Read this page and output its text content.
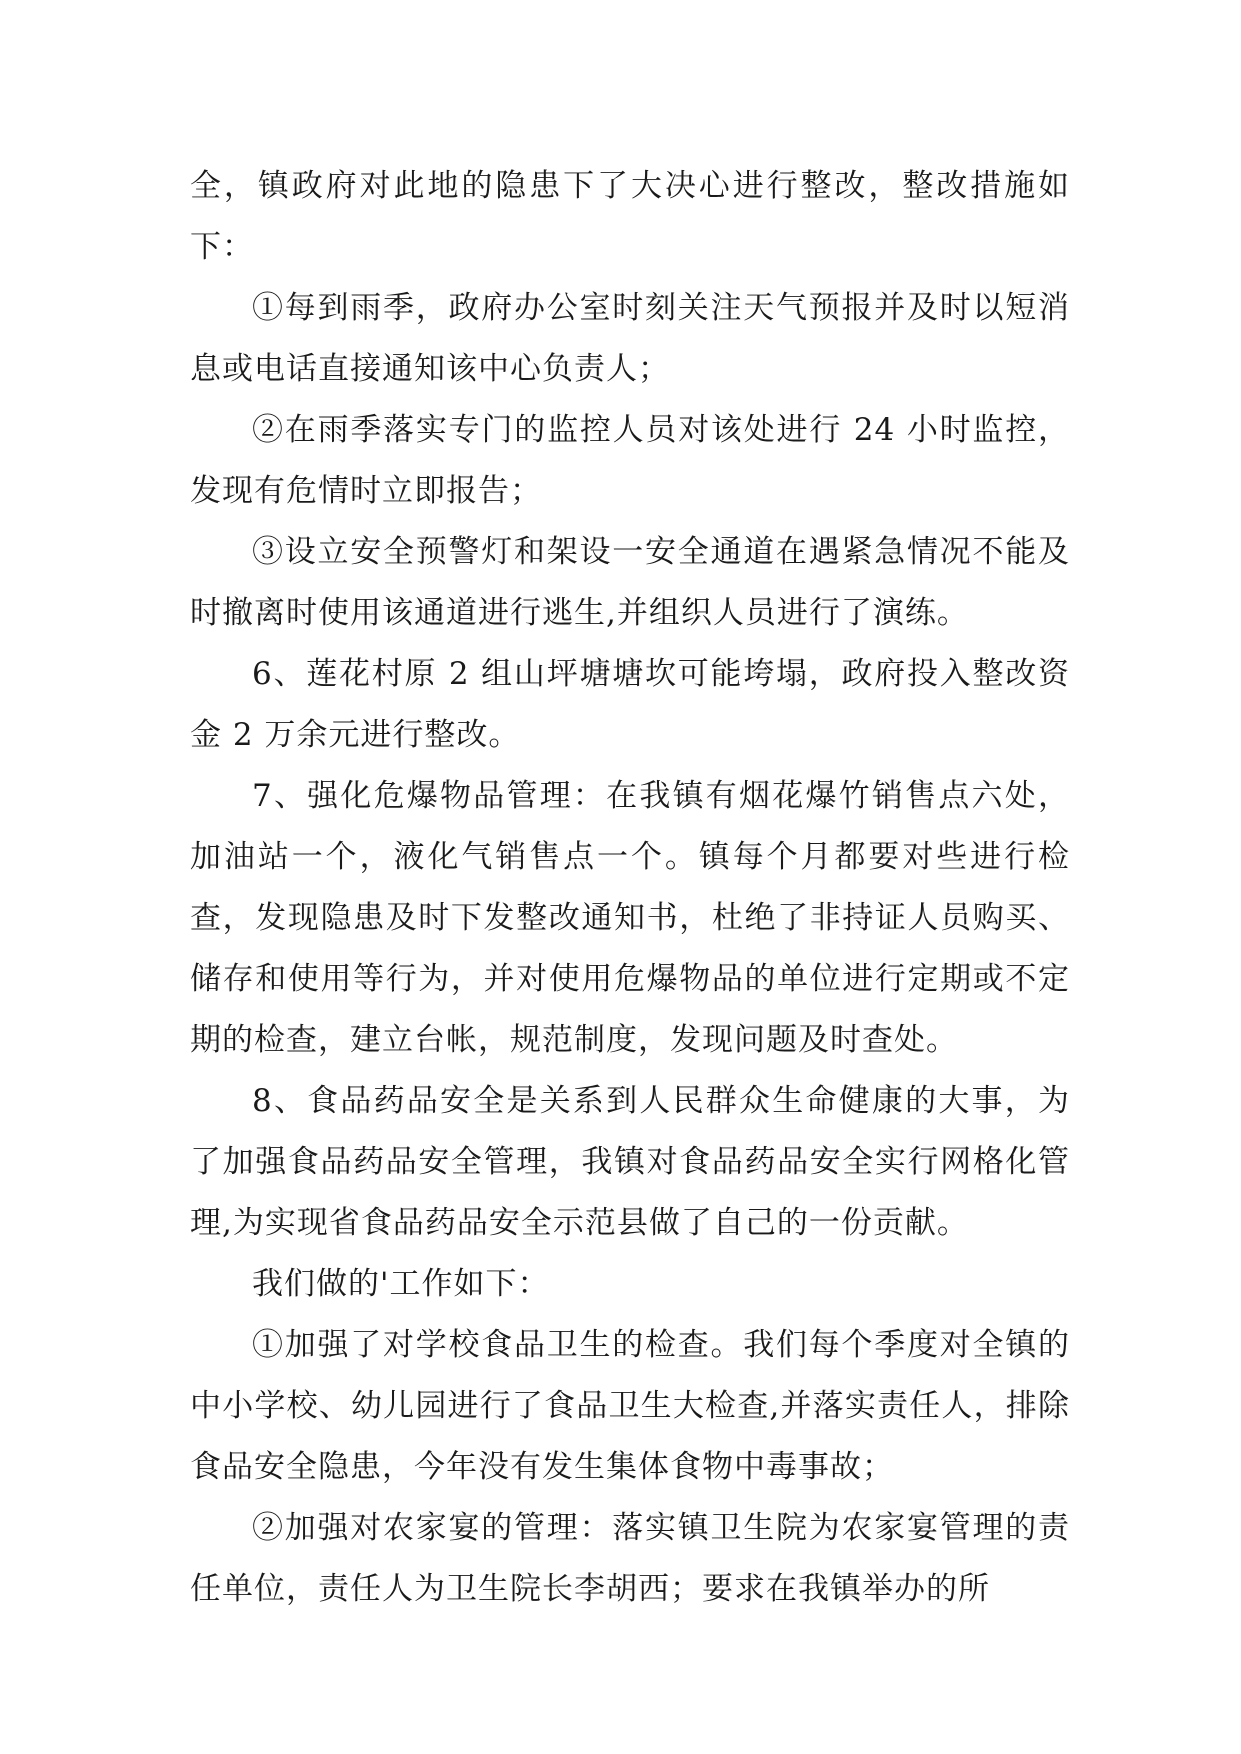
全，镇政府对此地的隐患下了大决心进行整改，整改措施如下：

①每到雨季，政府办公室时刻关注天气预报并及时以短消息或电话直接通知该中心负责人；

②在雨季落实专门的监控人员对该处进行 24 小时监控，发现有危情时立即报告；

③设立安全预警灯和架设一安全通道在遇紧急情况不能及时撤离时使用该通道进行逃生,并组织人员进行了演练。

6、莲花村原 2 组山坪塘塘坎可能垮塌，政府投入整改资金 2 万余元进行整改。

7、强化危爆物品管理：在我镇有烟花爆竹销售点六处，加油站一个，液化气销售点一个。镇每个月都要对些进行检查，发现隐患及时下发整改通知书，杜绝了非持证人员购买、储存和使用等行为，并对使用危爆物品的单位进行定期或不定期的检查，建立台帐，规范制度，发现问题及时查处。

8、食品药品安全是关系到人民群众生命健康的大事，为了加强食品药品安全管理，我镇对食品药品安全实行网格化管理,为实现省食品药品安全示范县做了自己的一份贡献。

我们做的'工作如下：

①加强了对学校食品卫生的检查。我们每个季度对全镇的中小学校、幼儿园进行了食品卫生大检查,并落实责任人，排除食品安全隐患，今年没有发生集体食物中毒事故；

②加强对农家宴的管理：落实镇卫生院为农家宴管理的责任单位，责任人为卫生院长李胡西；要求在我镇举办的所
